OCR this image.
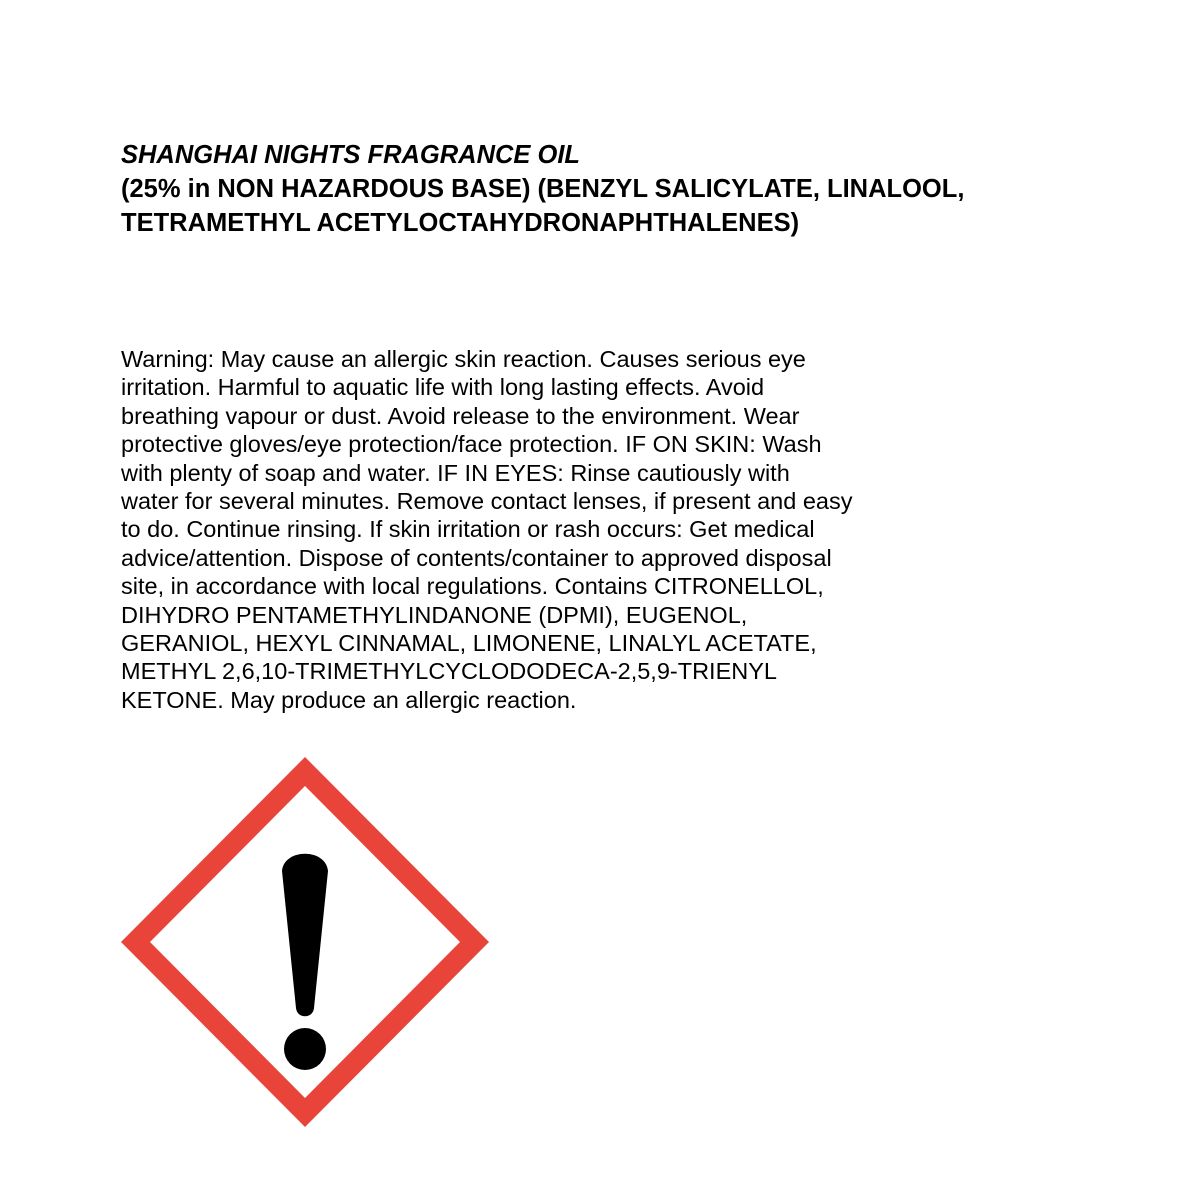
SHANGHAI NIGHTS FRAGRANCE OIL
(25% in NON HAZARDOUS BASE) (BENZYL SALICYLATE, LINALOOL,
TETRAMETHYL ACETYLOCTAHYDRONAPHTHALENES)
Warning: May cause an allergic skin reaction. Causes serious eye
irritation. Harmful to aquatic life with long lasting effects. Avoid
breathing vapour or dust. Avoid release to the environment. Wear
protective gloves/eye protection/face protection. IF ON SKIN: Wash
with plenty of soap and water. IF IN EYES: Rinse cautiously with
water for several minutes. Remove contact lenses, if present and easy
to do. Continue rinsing. If skin irritation or rash occurs: Get medical
advice/attention. Dispose of contents/container to approved disposal
site, in accordance with local regulations. Contains CITRONELLOL,
DIHYDRO PENTAMETHYLINDANONE (DPMI), EUGENOL,
GERANIOL, HEXYL CINNAMAL, LIMONENE, LINALYL ACETATE,
METHYL 2,6,10-TRIMETHYLCYCLODODECA-2,5,9-TRIENYL
KETONE. May produce an allergic reaction.
